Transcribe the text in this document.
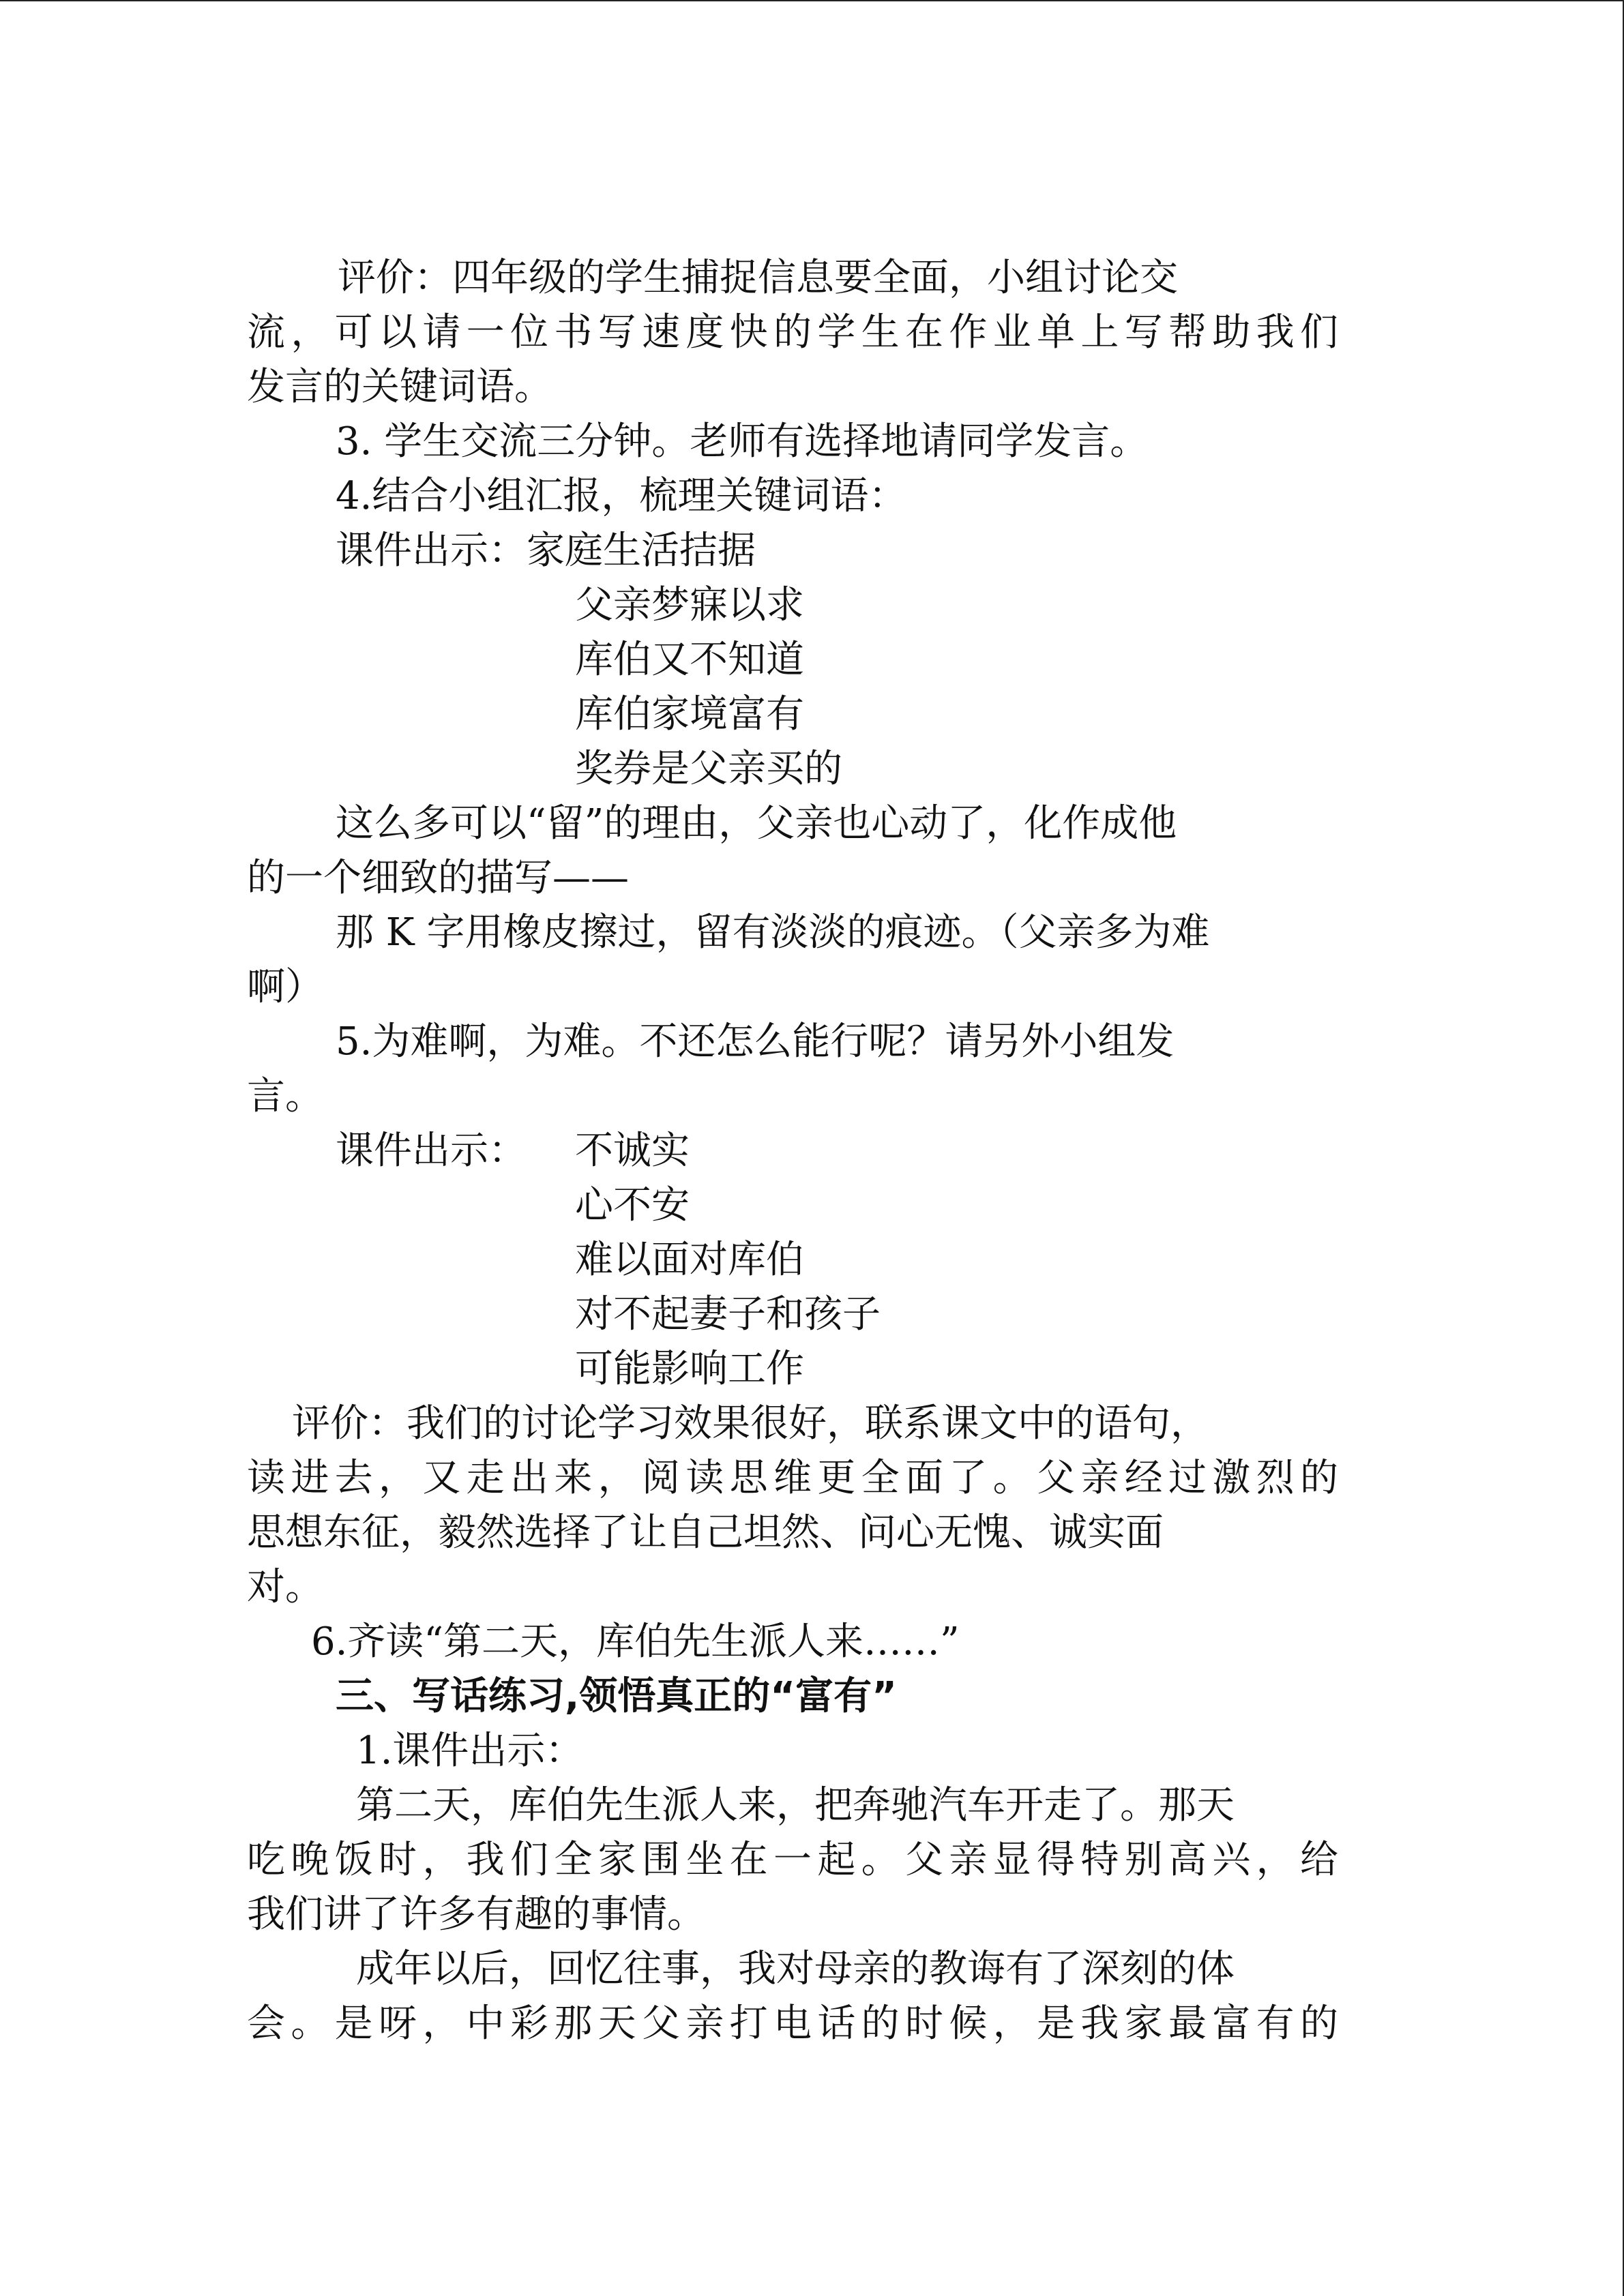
评价：四年级的学生捕捉信息要全面，小组讨论交
流，可以请一位书写速度快的学生在作业单上写帮助我们
发言的关键词语。
3. 学生交流三分钟。老师有选择地请同学发言。
4.结合小组汇报，梳理关键词语：
课件出示：家庭生活拮据
父亲梦寐以求
库伯又不知道
库伯家境富有
奖券是父亲买的
这么多可以“留”的理由，父亲也心动了，化作成他
的一个细致的描写——
那 K 字用橡皮擦过，留有淡淡的痕迹。（父亲多为难
啊）
5.为难啊，为难。不还怎么能行呢？请另外小组发
言。
课件出示： 不诚实
心不安
难以面对库伯
对不起妻子和孩子
可能影响工作
评价：我们的讨论学习效果很好，联系课文中的语句，
读进去，又走出来，阅读思维更全面了。父亲经过激烈的
思想东征，毅然选择了让自己坦然、问心无愧、诚实面
对。
6.齐读“第二天，库伯先生派人来……”
三、写话练习,领悟真正的“富有”
1.课件出示：
第二天，库伯先生派人来，把奔驰汽车开走了。那天
吃晚饭时，我们全家围坐在一起。父亲显得特别高兴，给
我们讲了许多有趣的事情。
成年以后，回忆往事，我对母亲的教诲有了深刻的体
会。是呀，中彩那天父亲打电话的时候，是我家最富有的
